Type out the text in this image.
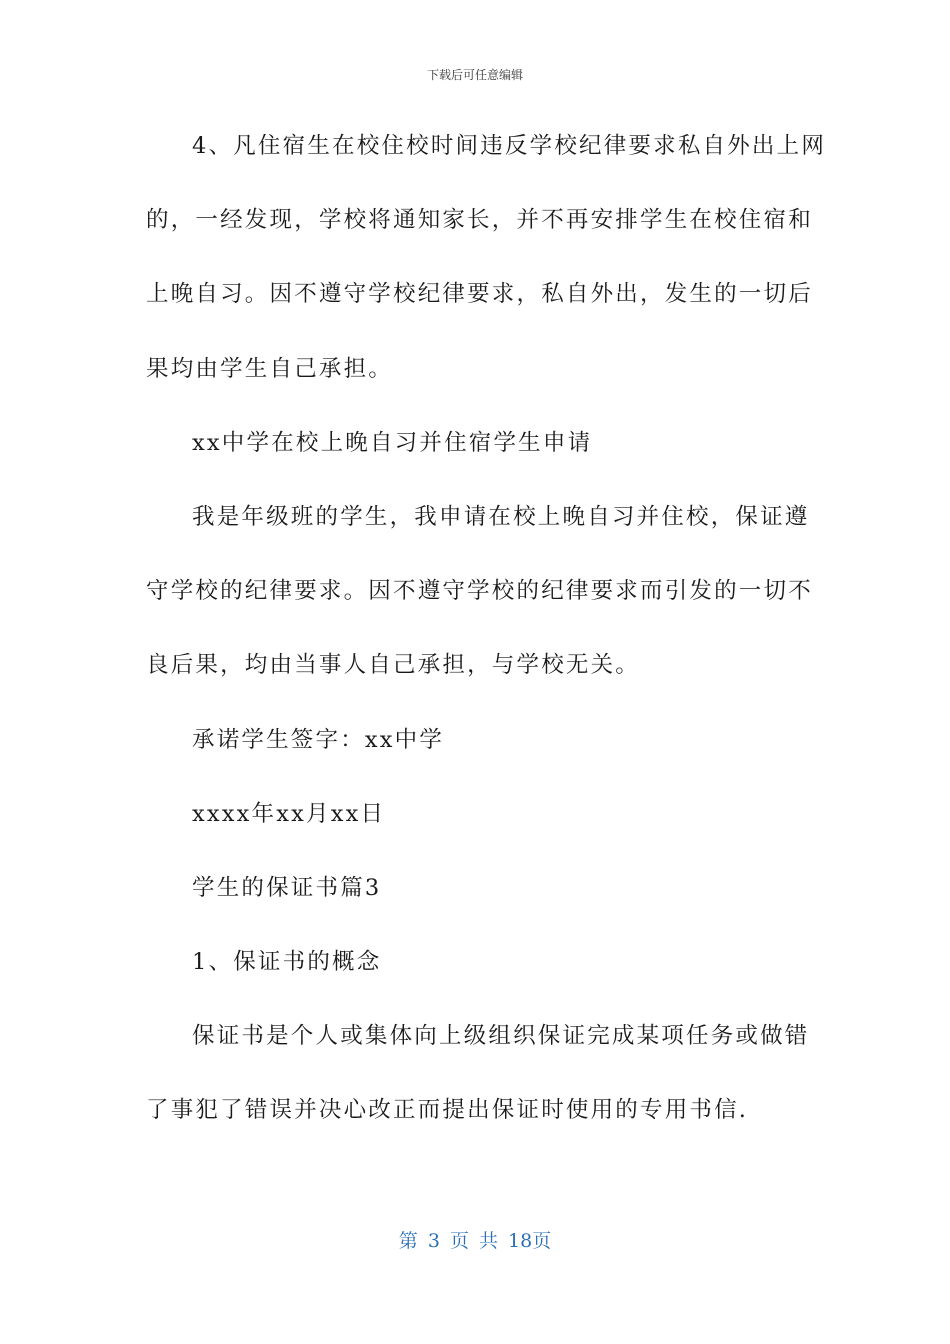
下载后可任意编辑
4、凡住宿生在校住校时间违反学校纪律要求私自外出上网
的，一经发现，学校将通知家长，并不再安排学生在校住宿和
上晚自习。因不遵守学校纪律要求，私自外出，发生的一切后
果均由学生自己承担。
xx中学在校上晚自习并住宿学生申请
我是年级班的学生，我申请在校上晚自习并住校，保证遵
守学校的纪律要求。因不遵守学校的纪律要求而引发的一切不
良后果，均由当事人自己承担，与学校无关。
承诺学生签字：xx中学
xxxx年xx月xx日
学生的保证书篇3
1、保证书的概念
保证书是个人或集体向上级组织保证完成某项任务或做错
了事犯了错误并决心改正而提出保证时使用的专用书信.
第 3 页 共 18页
